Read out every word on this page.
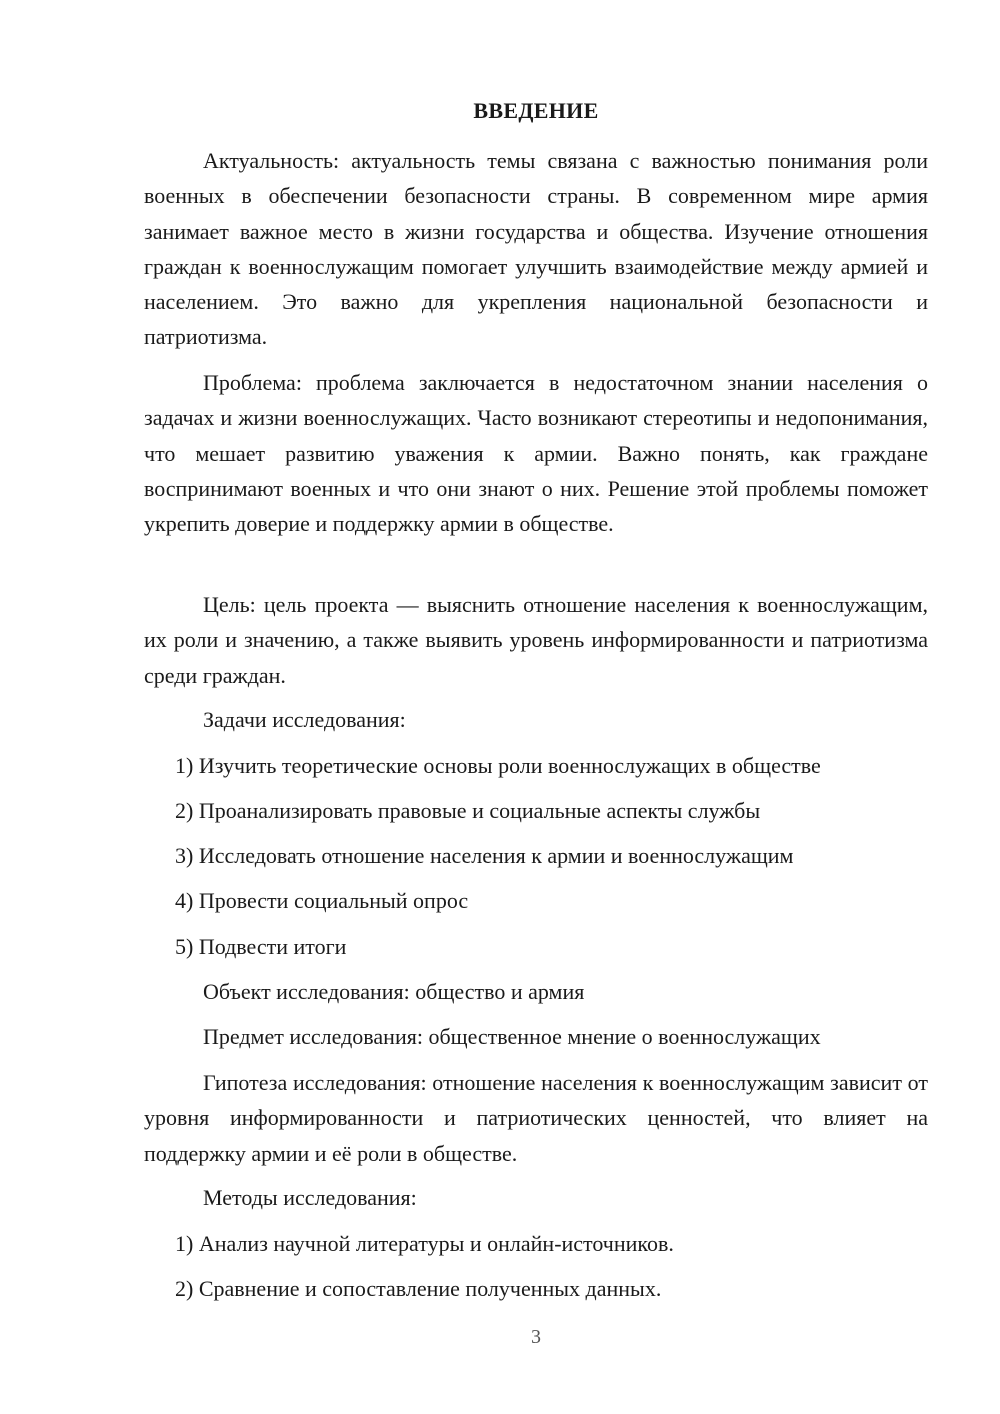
ВВЕДЕНИЕ

Актуальность: актуальность темы связана с важностью понимания роли военных в обеспечении безопасности страны. В современном мире армия занимает важное место в жизни государства и общества. Изучение отношения граждан к военнослужащим помогает улучшить взаимодействие между армией и населением. Это важно для укрепления национальной безопасности и патриотизма.

Проблема: проблема заключается в недостаточном знании населения о задачах и жизни военнослужащих. Часто возникают стереотипы и недопонимания, что мешает развитию уважения к армии. Важно понять, как граждане воспринимают военных и что они знают о них. Решение этой проблемы поможет укрепить доверие и поддержку армии в обществе.

Цель: цель проекта — выяснить отношение населения к военнослужащим, их роли и значению, а также выявить уровень информированности и патриотизма среди граждан.

Задачи исследования:

1) Изучить теоретические основы роли военнослужащих в обществе

2) Проанализировать правовые и социальные аспекты службы

3) Исследовать отношение населения к армии и военнослужащим

4) Провести социальный опрос

5) Подвести итоги

Объект исследования: общество и армия

Предмет исследования: общественное мнение о военнослужащих

Гипотеза исследования: отношение населения к военнослужащим зависит от уровня информированности и патриотических ценностей, что влияет на поддержку армии и её роли в обществе.

Методы исследования:

1) Анализ научной литературы и онлайн-источников.

2) Сравнение и сопоставление полученных данных.

3
